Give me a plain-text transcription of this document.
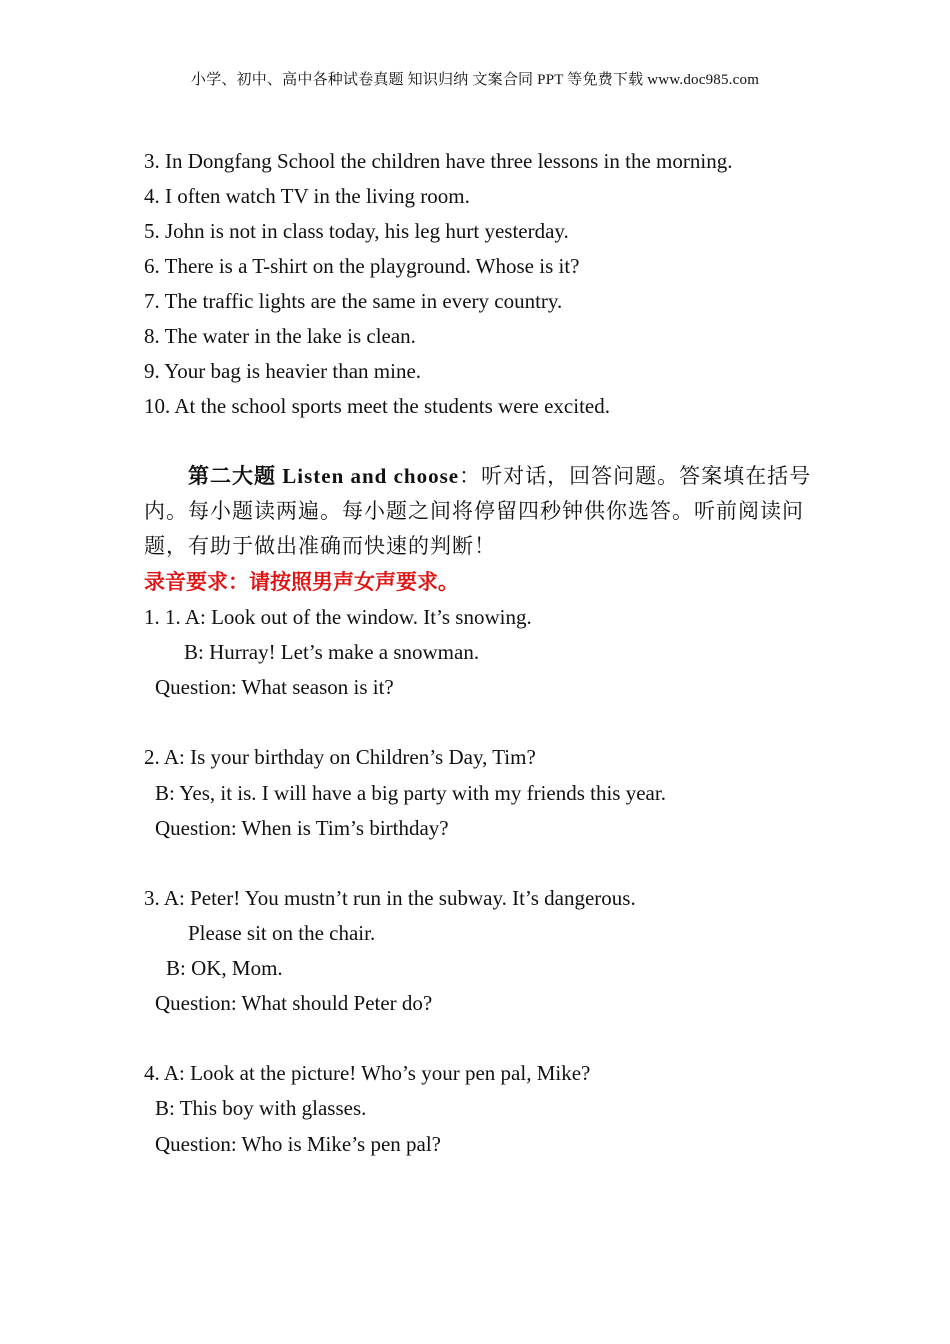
小学、初中、高中各种试卷真题 知识归纳 文案合同 PPT 等免费下载 www.doc985.com
3. In Dongfang School the children have three lessons in the morning.
4. I often watch TV in the living room.
5. John is not in class today, his leg hurt yesterday.
6. There is a T-shirt on the playground. Whose is it?
7. The traffic lights are the same in every country.
8. The water in the lake is clean.
9. Your bag is heavier than mine.
10. At the school sports meet the students were excited.
第二大题 Listen and choose：听对话，回答问题。答案填在括号内。每小题读两遍。每小题之间将停留四秒钟供你选答。听前阅读问题，有助于做出准确而快速的判断！
录音要求：请按照男声女声要求。
1. 1. A: Look out of the window. It’s snowing.
B: Hurray! Let’s make a snowman.
Question: What season is it?
2. A: Is your birthday on Children’s Day, Tim?
B: Yes, it is. I will have a big party with my friends this year.
Question: When is Tim’s birthday?
3. A: Peter! You mustn’t run in the subway. It’s dangerous.
Please sit on the chair.
B: OK, Mom.
Question: What should Peter do?
4. A: Look at the picture! Who’s your pen pal, Mike?
B: This boy with glasses.
Question: Who is Mike’s pen pal?
